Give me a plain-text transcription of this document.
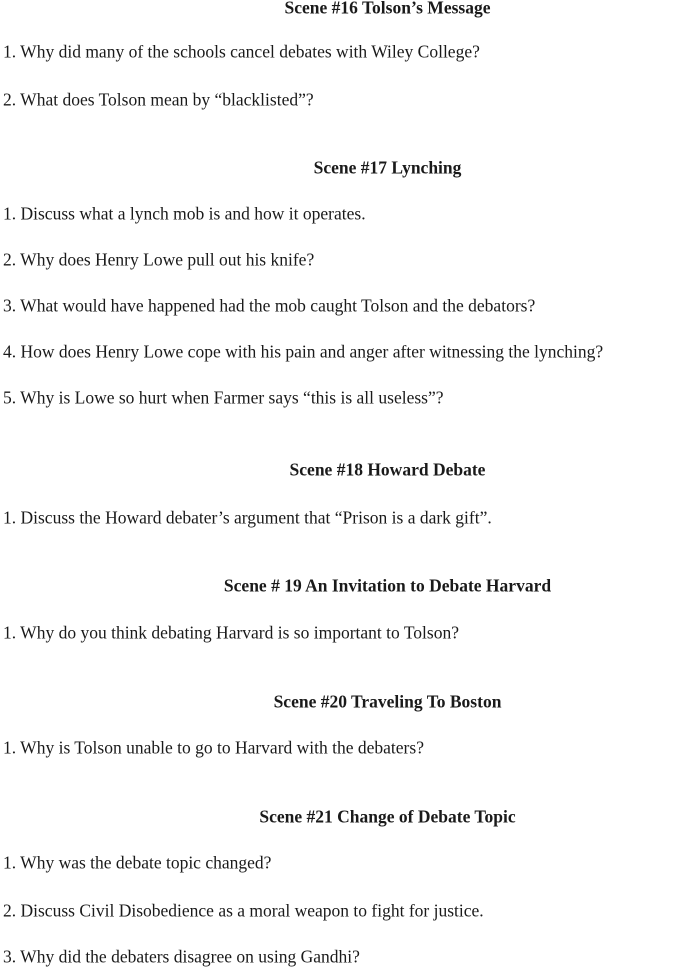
Scene #16 Tolson’s Message
1. Why did many of the schools cancel debates with Wiley College?
2. What does Tolson mean by “blacklisted”?
Scene #17 Lynching
1. Discuss what a lynch mob is and how it operates.
2. Why does Henry Lowe pull out his knife?
3. What would have happened had the mob caught Tolson and the debators?
4. How does Henry Lowe cope with his pain and anger after witnessing the lynching?
5. Why is Lowe so hurt when Farmer says “this is all useless”?
Scene #18 Howard Debate
1. Discuss the Howard debater’s argument that “Prison is a dark gift”.
Scene # 19 An Invitation to Debate Harvard
1. Why do you think debating Harvard is so important to Tolson?
Scene #20 Traveling To Boston
1. Why is Tolson unable to go to Harvard with the debaters?
Scene #21 Change of Debate Topic
1. Why was the debate topic changed?
2. Discuss Civil Disobedience as a moral weapon to fight for justice.
3. Why did the debaters disagree on using Gandhi?
